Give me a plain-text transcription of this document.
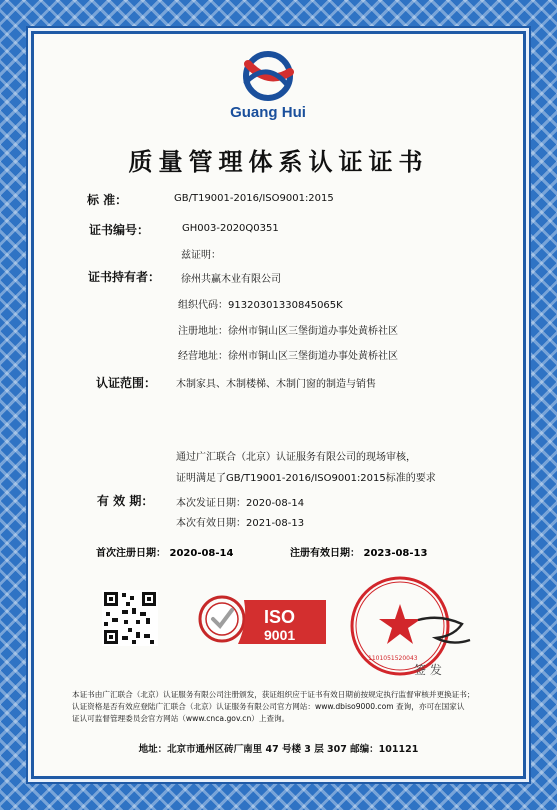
Guang Hui
质量管理体系认证证书
标 准：	GB/T19001-2016/ISO9001:2015
证书编号：	GH003-2020Q0351
兹证明：
证书持有者： 徐州共赢木业有限公司
组织代码：91320301330845065K
注册地址：徐州市铜山区三堡街道办事处黄桥社区
经营地址：徐州市铜山区三堡街道办事处黄桥社区
认证范围： 木制家具、木制楼梯、木制门窗的制造与销售
通过广汇联合（北京）认证服务有限公司的现场审核，
证明满足了GB/T19001-2016/ISO9001:2015标准的要求
有 效 期： 本次发证日期：2020-08-14
本次有效日期：2021-08-13
首次注册日期： 2020-08-14	注册有效日期： 2023-08-13
ISO
9001
签 发
1101051520043
本证书由广汇联合（北京）认证服务有限公司注册颁发，获证组织应于证书有效日期前按规定执行监督审核并更换证书；
认证资格是否有效应登陆广汇联合（北京）认证服务有限公司官方网站：www.dbiso9000.com 查询，亦可在国家认
证认可监督管理委员会官方网站（www.cnca.gov.cn）上查询。
地址：北京市通州区砖厂南里 47 号楼 3 层 307 邮编：101121
